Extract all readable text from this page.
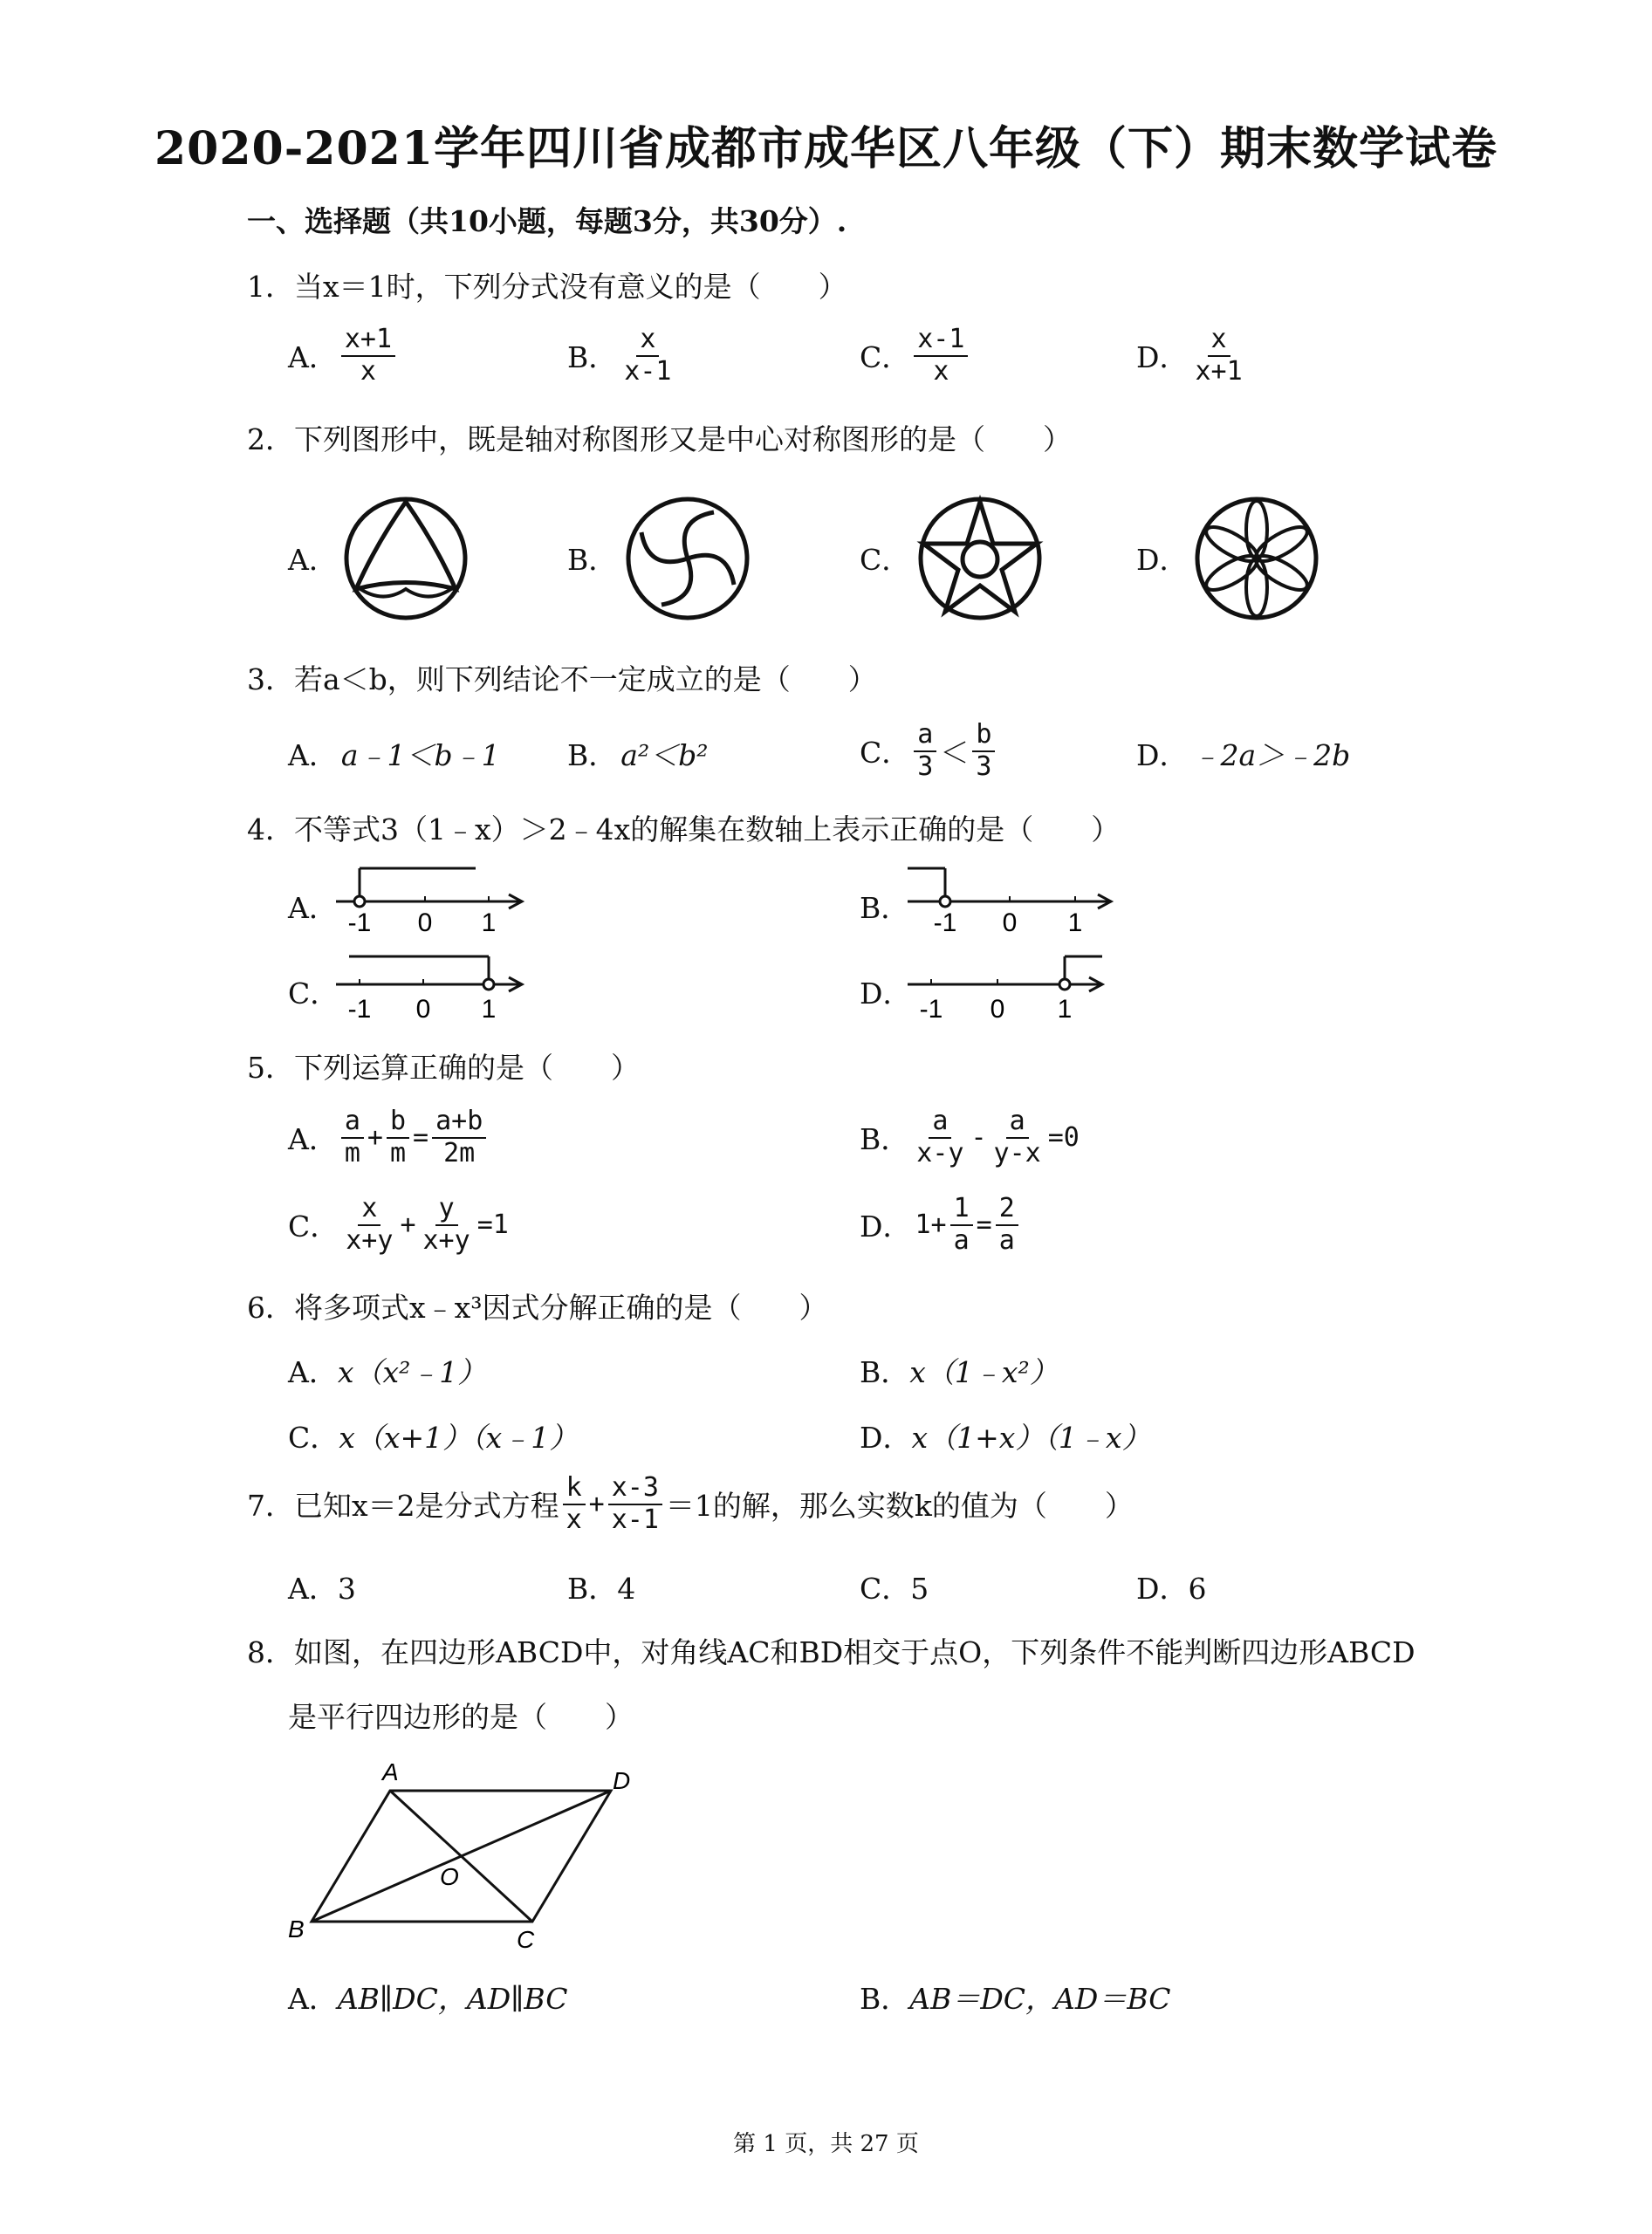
2020-2021学年四川省成都市成华区八年级（下）期末数学试卷
一、选择题（共10小题，每题3分，共30分）.
1．当x＝1时，下列分式没有意义的是（　　）
A． $\frac{x+1}{x}$	B． $\frac{x}{x-1}$	C． $\frac{x-1}{x}$	D． $\frac{x}{x+1}$
2．下列图形中，既是轴对称图形又是中心对称图形的是（　　）
A．	B．	C．	D．
3．若a＜b，则下列结论不一定成立的是（　　）
A． a﹣1＜b﹣1 B． a²＜b²	C． $\frac{a}{3} < \frac{b}{3}$	D． ﹣2a＞﹣2b
4．不等式3（1﹣x）＞2﹣4x的解集在数轴上表示正确的是（　　）
A．	B．
C．	D．
-1 0 1	-1 0 1
-1 0 1	-1 0 1
5．下列运算正确的是（　　）
A． $\frac{a}{m} + \frac{b}{m} = \frac{a+b}{2m}$	B． $\frac{a}{x-y} - \frac{a}{y-x} =0$
C． $\frac{x}{x+y} + \frac{y}{x+y} =1$	D． $1+ \frac{1}{a} = \frac{2}{a}$
6．将多项式x﹣x³因式分解正确的是（　　）
A．x（x²﹣1）	B．x（1﹣x²）
C．x（x+1）（x﹣1）	D．x（1+x）（1﹣x）
7．已知x＝2是分式方程 $\frac{k}{x} + \frac{x-3}{x-1} =1$的解，那么实数k的值为（　　）
A．3	B．4	C．5	D．6
8．如图，在四边形ABCD中，对角线AC和BD相交于点O，下列条件不能判断四边形ABCD
是平行四边形的是（　　）
A	D
B	C
O
A．AB∥DC，AD∥BC	B．AB＝DC，AD＝BC
第 1 页，共 27 页
